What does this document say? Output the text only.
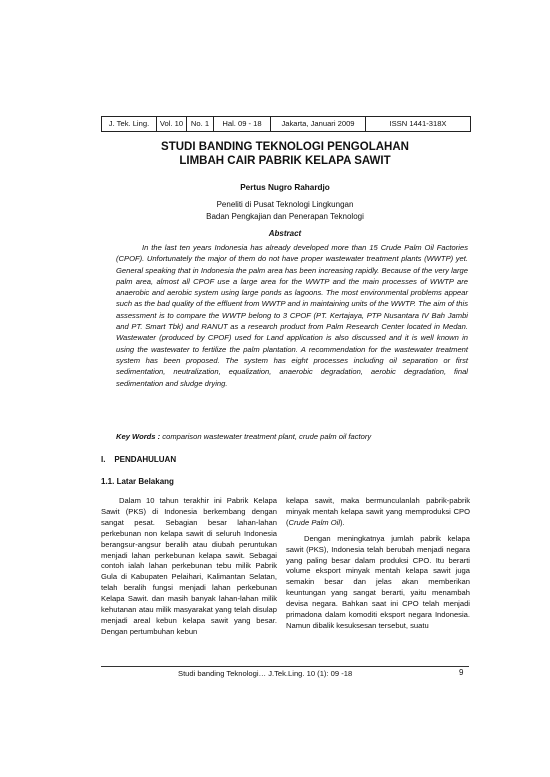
J. Tek. Ling.	Vol. 10	No. 1	Hal. 09 - 18	Jakarta, Januari 2009	ISSN 1441-318X
STUDI BANDING TEKNOLOGI PENGOLAHAN
LIMBAH CAIR PABRIK KELAPA SAWIT
Pertus Nugro Rahardjo
Peneliti di Pusat Teknologi Lingkungan
Badan Pengkajian dan Penerapan Teknologi
Abstract

In the last ten years Indonesia has already developed more than 15 Crude Palm Oil Factories (CPOF). Unfortunately the major of them do not have proper wastewater treatment plants (WWTP) yet. General speaking that in Indonesia the palm area has been increasing rapidly. Because of the very large palm area, almost all CPOF use a large area for the WWTP and the main processes of WWTP are anaerobic and aerobic system using large ponds as lagoons. The most environmental problems appear such as the bad quality of the effluent from WWTP and in maintaining units of the WWTP. The aim of this assessment is to compare the WWTP belong to 3 CPOF (PT. Kertajaya, PTP Nusantara IV Bah Jambi and PT. Smart Tbk) and RANUT as a research product from Palm Research Center located in Medan. Wastewater (produced by CPOF) used for Land application is also discussed and it is well known in using the wastewater to fertilize the palm plantation. A recommendation for the wastewater treatment system has been proposed. The system has eight processes including oil separation or first sedimentation, neutralization, equalization, anaerobic degradation, aerobic degradation, final sedimentation and sludge drying.

Key Words : comparison wastewater treatment plant, crude palm oil factory
I.    PENDAHULUAN
1.1. Latar Belakang

Dalam 10 tahun terakhir ini Pabrik Kelapa Sawit (PKS) di Indonesia berkembang dengan sangat pesat. Sebagian besar lahan-lahan perkebunan non kelapa sawit di seluruh Indonesia berangsur-angsur beralih atau diubah peruntukan menjadi lahan perkebunan kelapa sawit. Sebagai contoh ialah lahan perkebunan tebu milik Pabrik Gula di Kabupaten Pelaihari, Kalimantan Selatan, telah beralih fungsi menjadi lahan perkebunan Kelapa Sawit. dan masih banyak lahan-lahan milik kehutanan atau milik masyarakat yang telah disulap menjadi areal kebun kelapa sawit yang besar. Dengan pertumbuhan kebun

kelapa sawit, maka bermunculanlah pabrik-pabrik minyak mentah kelapa sawit yang memproduksi CPO (Crude Palm Oil).

Dengan meningkatnya jumlah pabrik kelapa sawit (PKS), Indonesia telah berubah menjadi negara yang paling besar dalam produksi CPO. Itu berarti volume eksport minyak mentah kelapa sawit juga semakin besar dan jelas akan memberikan keuntungan yang sangat berarti, yaitu menambah devisa negara. Bahkan saat ini CPO telah menjadi primadona dalam komoditi eksport negara Indonesia. Namun dibalik kesuksesan tersebut, suatu

Studi banding Teknologi… J.Tek.Ling. 10 (1): 09 -18	9
